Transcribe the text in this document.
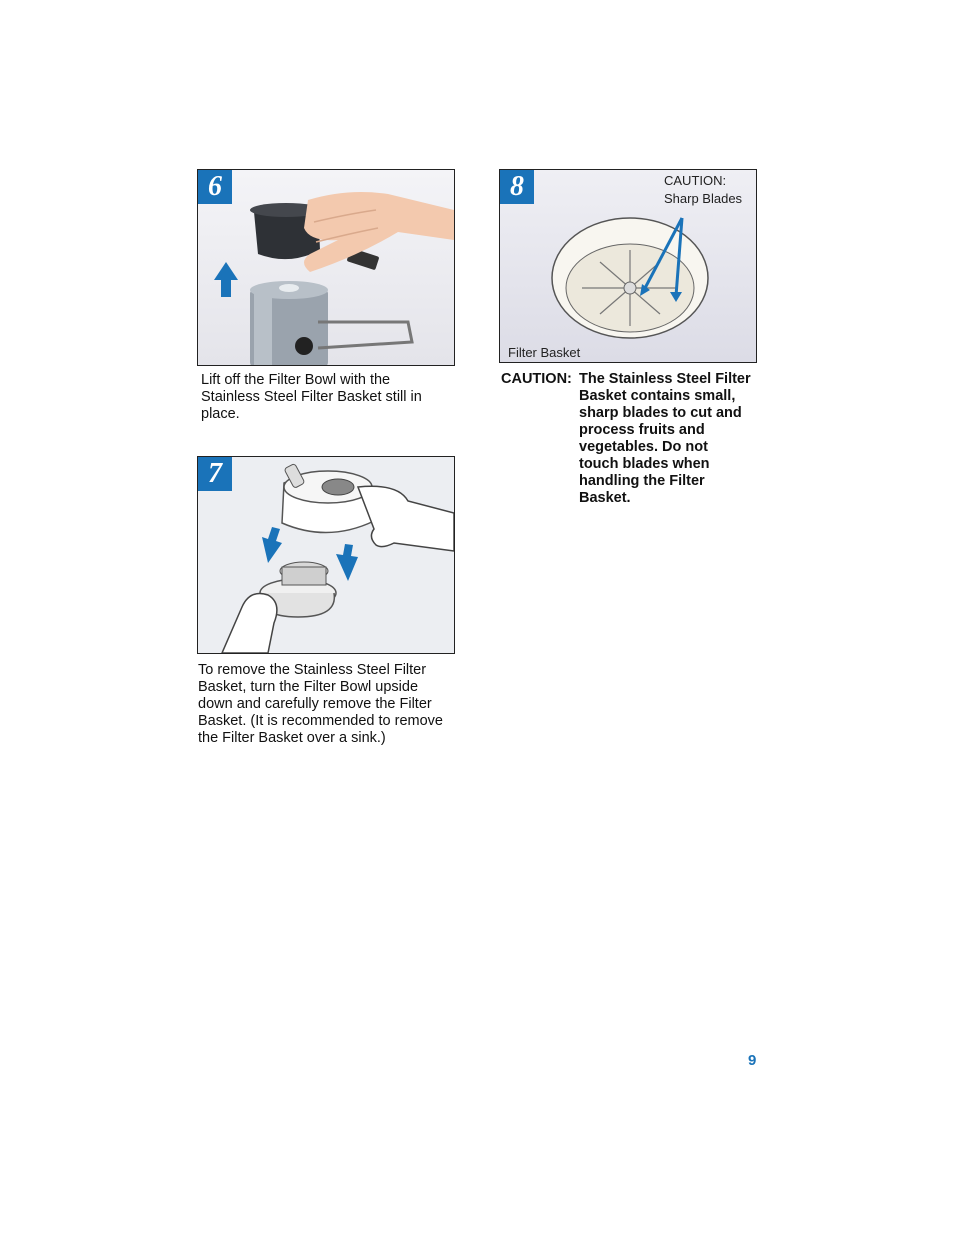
6
Lift off the Filter Bowl with the Stainless Steel Filter Basket still in place.
7
To remove the Stainless Steel Filter Basket, turn the Filter Bowl upside down and carefully remove the Filter Basket. (It is recommended to remove the Filter Basket over a sink.)
8	CAUTION:
Sharp Blades
Filter Basket
CAUTION: The Stainless Steel Filter Basket contains small, sharp blades to cut and process fruits and vegetables. Do not touch blades when handling the Filter Basket.
9
